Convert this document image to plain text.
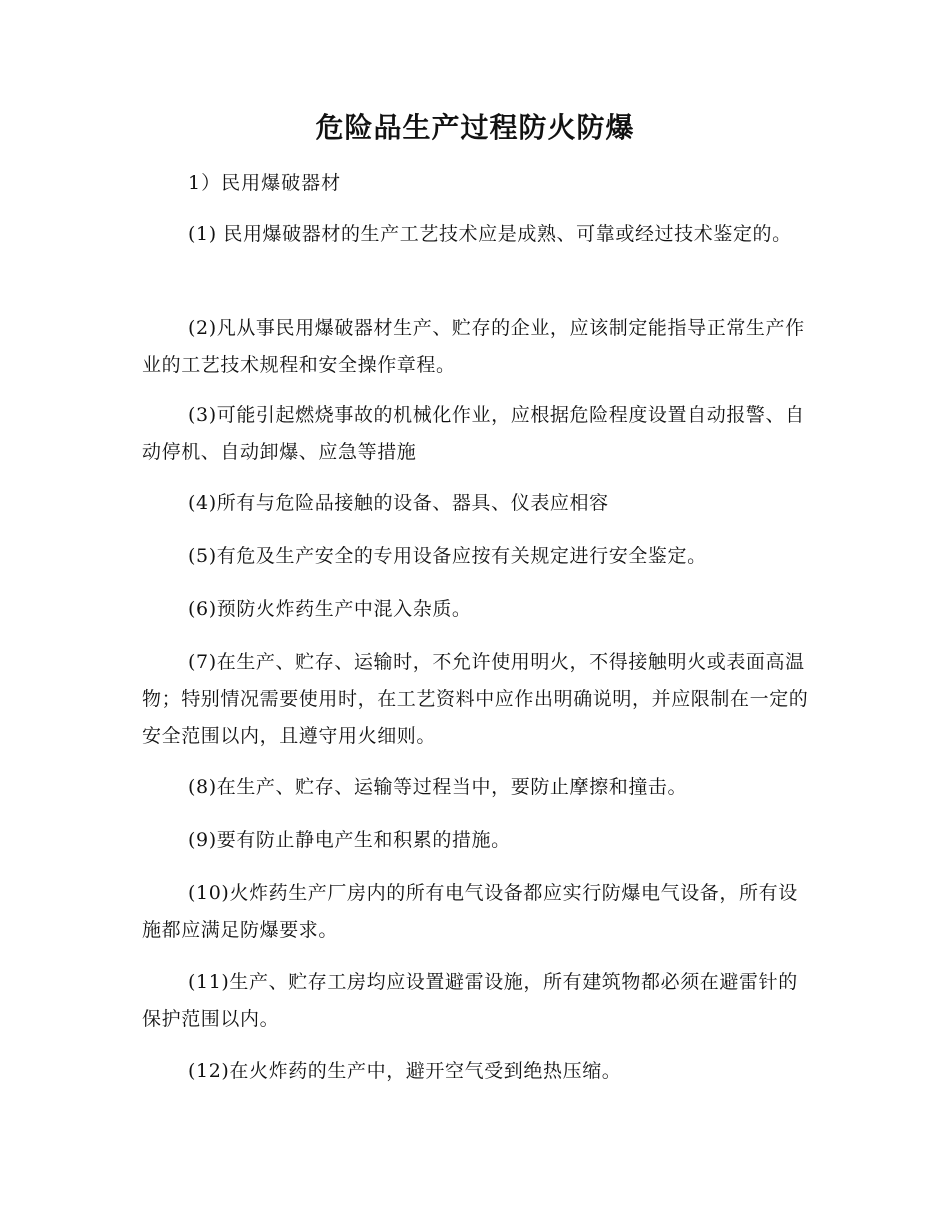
危险品生产过程防火防爆
1）民用爆破器材
(1) 民用爆破器材的生产工艺技术应是成熟、可靠或经过技术鉴定的。
(2)凡从事民用爆破器材生产、贮存的企业，应该制定能指导正常生产作业的工艺技术规程和安全操作章程。
(3)可能引起燃烧事故的机械化作业，应根据危险程度设置自动报警、自动停机、自动卸爆、应急等措施
(4)所有与危险品接触的设备、器具、仪表应相容
(5)有危及生产安全的专用设备应按有关规定进行安全鉴定。
(6)预防火炸药生产中混入杂质。
(7)在生产、贮存、运输时，不允许使用明火，不得接触明火或表面高温物；特别情况需要使用时，在工艺资料中应作出明确说明，并应限制在一定的安全范围以内，且遵守用火细则。
(8)在生产、贮存、运输等过程当中，要防止摩擦和撞击。
(9)要有防止静电产生和积累的措施。
(10)火炸药生产厂房内的所有电气设备都应实行防爆电气设备，所有设施都应满足防爆要求。
(11)生产、贮存工房均应设置避雷设施，所有建筑物都必须在避雷针的保护范围以内。
(12)在火炸药的生产中，避开空气受到绝热压缩。
